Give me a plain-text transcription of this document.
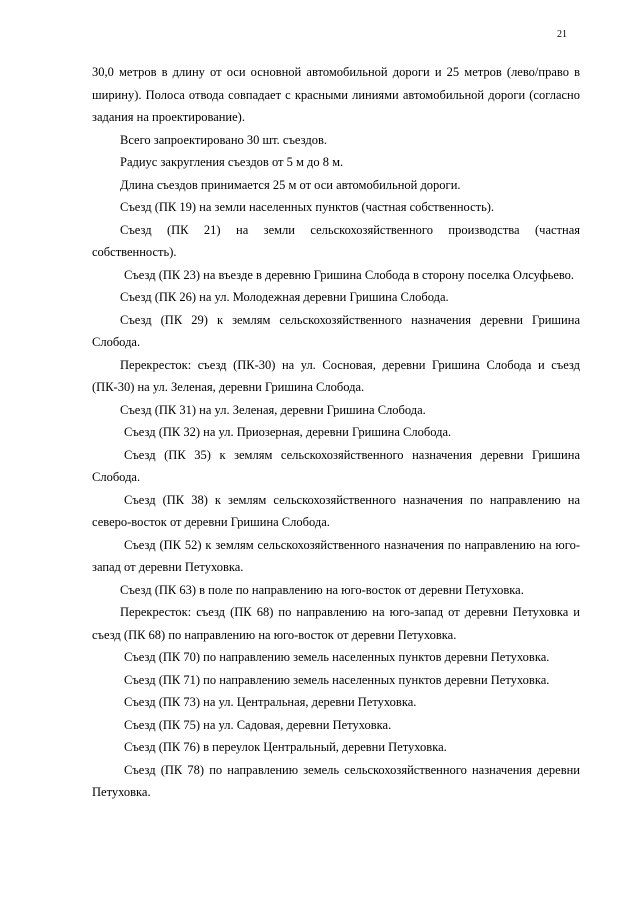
21

30,0 метров в длину от оси основной автомобильной дороги и 25 метров (лево/право в ширину). Полоса отвода совпадает с красными линиями автомобильной дороги (согласно задания на проектирование).

Всего запроектировано 30 шт. съездов.

Радиус закругления съездов от 5 м до 8 м.

Длина съездов принимается 25 м от оси автомобильной дороги.

Съезд (ПК 19) на земли населенных пунктов (частная собственность).

Съезд (ПК 21) на земли сельскохозяйственного производства (частная собственность).

Съезд (ПК 23) на въезде в деревню Гришина Слобода в сторону поселка Олсуфьево.

Съезд (ПК 26) на ул. Молодежная деревни Гришина Слобода.

Съезд (ПК 29) к землям сельскохозяйственного назначения деревни Гришина Слобода.

Перекресток: съезд (ПК-30) на ул. Сосновая, деревни Гришина Слобода и съезд (ПК-30) на ул. Зеленая, деревни Гришина Слобода.

Съезд (ПК 31) на ул. Зеленая, деревни Гришина Слобода.

Съезд (ПК 32) на ул. Приозерная, деревни Гришина Слобода.

Съезд (ПК 35) к землям сельскохозяйственного назначения деревни Гришина Слобода.

Съезд (ПК 38) к землям сельскохозяйственного назначения по направлению на северо-восток от деревни Гришина Слобода.

Съезд (ПК 52) к землям сельскохозяйственного назначения по направлению на юго-запад от деревни Петуховка.

Съезд (ПК 63) в поле по направлению на юго-восток от деревни Петуховка.

Перекресток: съезд (ПК 68) по направлению на юго-запад от деревни Петуховка и съезд (ПК 68) по направлению на юго-восток от деревни Петуховка.

Съезд (ПК 70) по направлению земель населенных пунктов деревни Петуховка.

Съезд (ПК 71) по направлению земель населенных пунктов деревни Петуховка.

Съезд (ПК 73) на ул. Центральная, деревни Петуховка.

Съезд (ПК 75) на ул. Садовая, деревни Петуховка.

Съезд (ПК 76) в переулок Центральный, деревни Петуховка.

Съезд (ПК 78) по направлению земель сельскохозяйственного назначения деревни Петуховка.
